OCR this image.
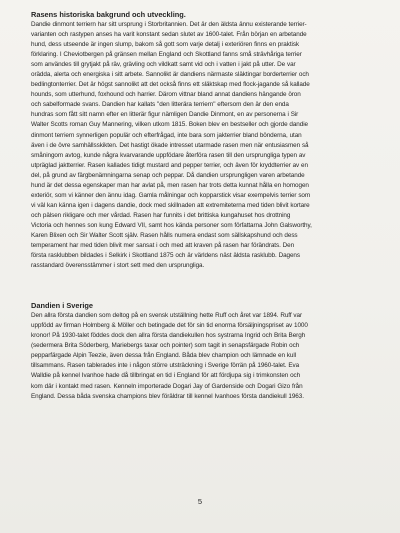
Rasens historiska bakgrund och utveckling.

Dandie dinmont terriern har sitt ursprung i Storbritannien. Det är den äldsta ännu existerande terrier-
varianten och rastypen anses ha varit konstant sedan slutet av 1600-talet. Från början en arbetande
hund, dess utseende är ingen slump, bakom så gott som varje detalj i exteriören finns en praktisk
förklaring. I Cheviotbergen på gränsen mellan England och Skottland fanns små strävhåriga terrier
som användes till grytjakt på räv, grävling och vildkatt samt vid och i vatten i jakt på utter. De var
orädda, alerta och energiska i sitt arbete. Sannolikt är dandiens närmaste släktingar borderterrier och
bedlingtonterrier. Det är högst sannolikt att det också finns ett släktskap med flock-jagande så kallade
hounds, som utterhund, foxhound och harrier. Därom vittnar bland annat dandiens hängande öron
och sabelformade svans. Dandien har kallats "den litterära terriern" eftersom den är den enda
hundras som fått sitt namn efter en litterär figur nämligen Dandie Dinmont, en av personerna i Sir
Walter Scotts roman Guy Mannering, vilken utkom 1815. Boken blev en bestseller och gjorde dandie
dinmont terriern synnerligen populär och efterfrågad, inte bara som jakterrier bland bönderna, utan
även i de övre samhällsskikten. Det hastigt ökade intresset utarmade rasen men när entusiasmen så
småningom avtog, kunde några kvarvarande uppfödare återföra rasen till den ursprungliga typen av
utpräglad jaktterrier. Rasen kallades tidigt mustard and pepper terrier, och även för kryddterrier av en
del, på grund av färgbenämningarna senap och peppar. Då dandien ursprungligen varen arbetande
hund är det dessa egenskaper man har avlat på, men rasen har trots detta kunnat hålla en homogen
exteriör, som vi känner den ännu idag. Gamla målningar och kopparstick visar exempelvis terrier som
vi väl kan känna igen i dagens dandie, dock med skillnaden att extremiteterna med tiden blivit kortare
och pälsen rikligare och mer vårdad. Rasen har funnits i det brittiska kungahuset hos drottning
Victoria och hennes son kung Edward VII, samt hos kända personer som författarna John Galsworthy,
Karen Blixen och Sir Walter Scott själv. Rasen hålls numera endast som sällskapshund och dess
temperament har med tiden blivit mer sansat i och med att kraven på rasen har förändrats. Den
första rasklubben bildades i Selkirk i Skottland 1875 och är världens näst äldsta rasklubb. Dagens
rasstandard överensstämmer i stort sett med den ursprungliga.

Dandien i Sverige

Den allra första dandien som deltog på en svensk utställning hette Ruff och året var 1894. Ruff var
uppfödd av firman Holmberg & Möller och betingade det för sin tid enorma försäljningspriset av 1000
kronor! På 1930-talet föddes dock den allra första dandiekullen hos systrarna Ingrid och Brita Bergh
(sedermera Brita Söderberg, Mariebergs taxar och pointer) som tagit in senapsfärgade Robin och
pepparfärgade Alpin Teezie, även dessa från England. Båda blev champion och lämnade en kull
tillsammans. Rasen tablerades inte i någon större utsträckning i Sverige förrän på 1960-talet. Eva
Walldie på kennel Ivanhoe hade då tillbringat en tid i England för att fördjupa sig i trimkonsten och
kom där i kontakt med rasen. Kenneln importerade Dogari Jay of Gardenside och Dogari Gizo från
England. Dessa båda svenska champions blev föräldrar till kennel Ivanhoes första dandiekull 1963.

5
